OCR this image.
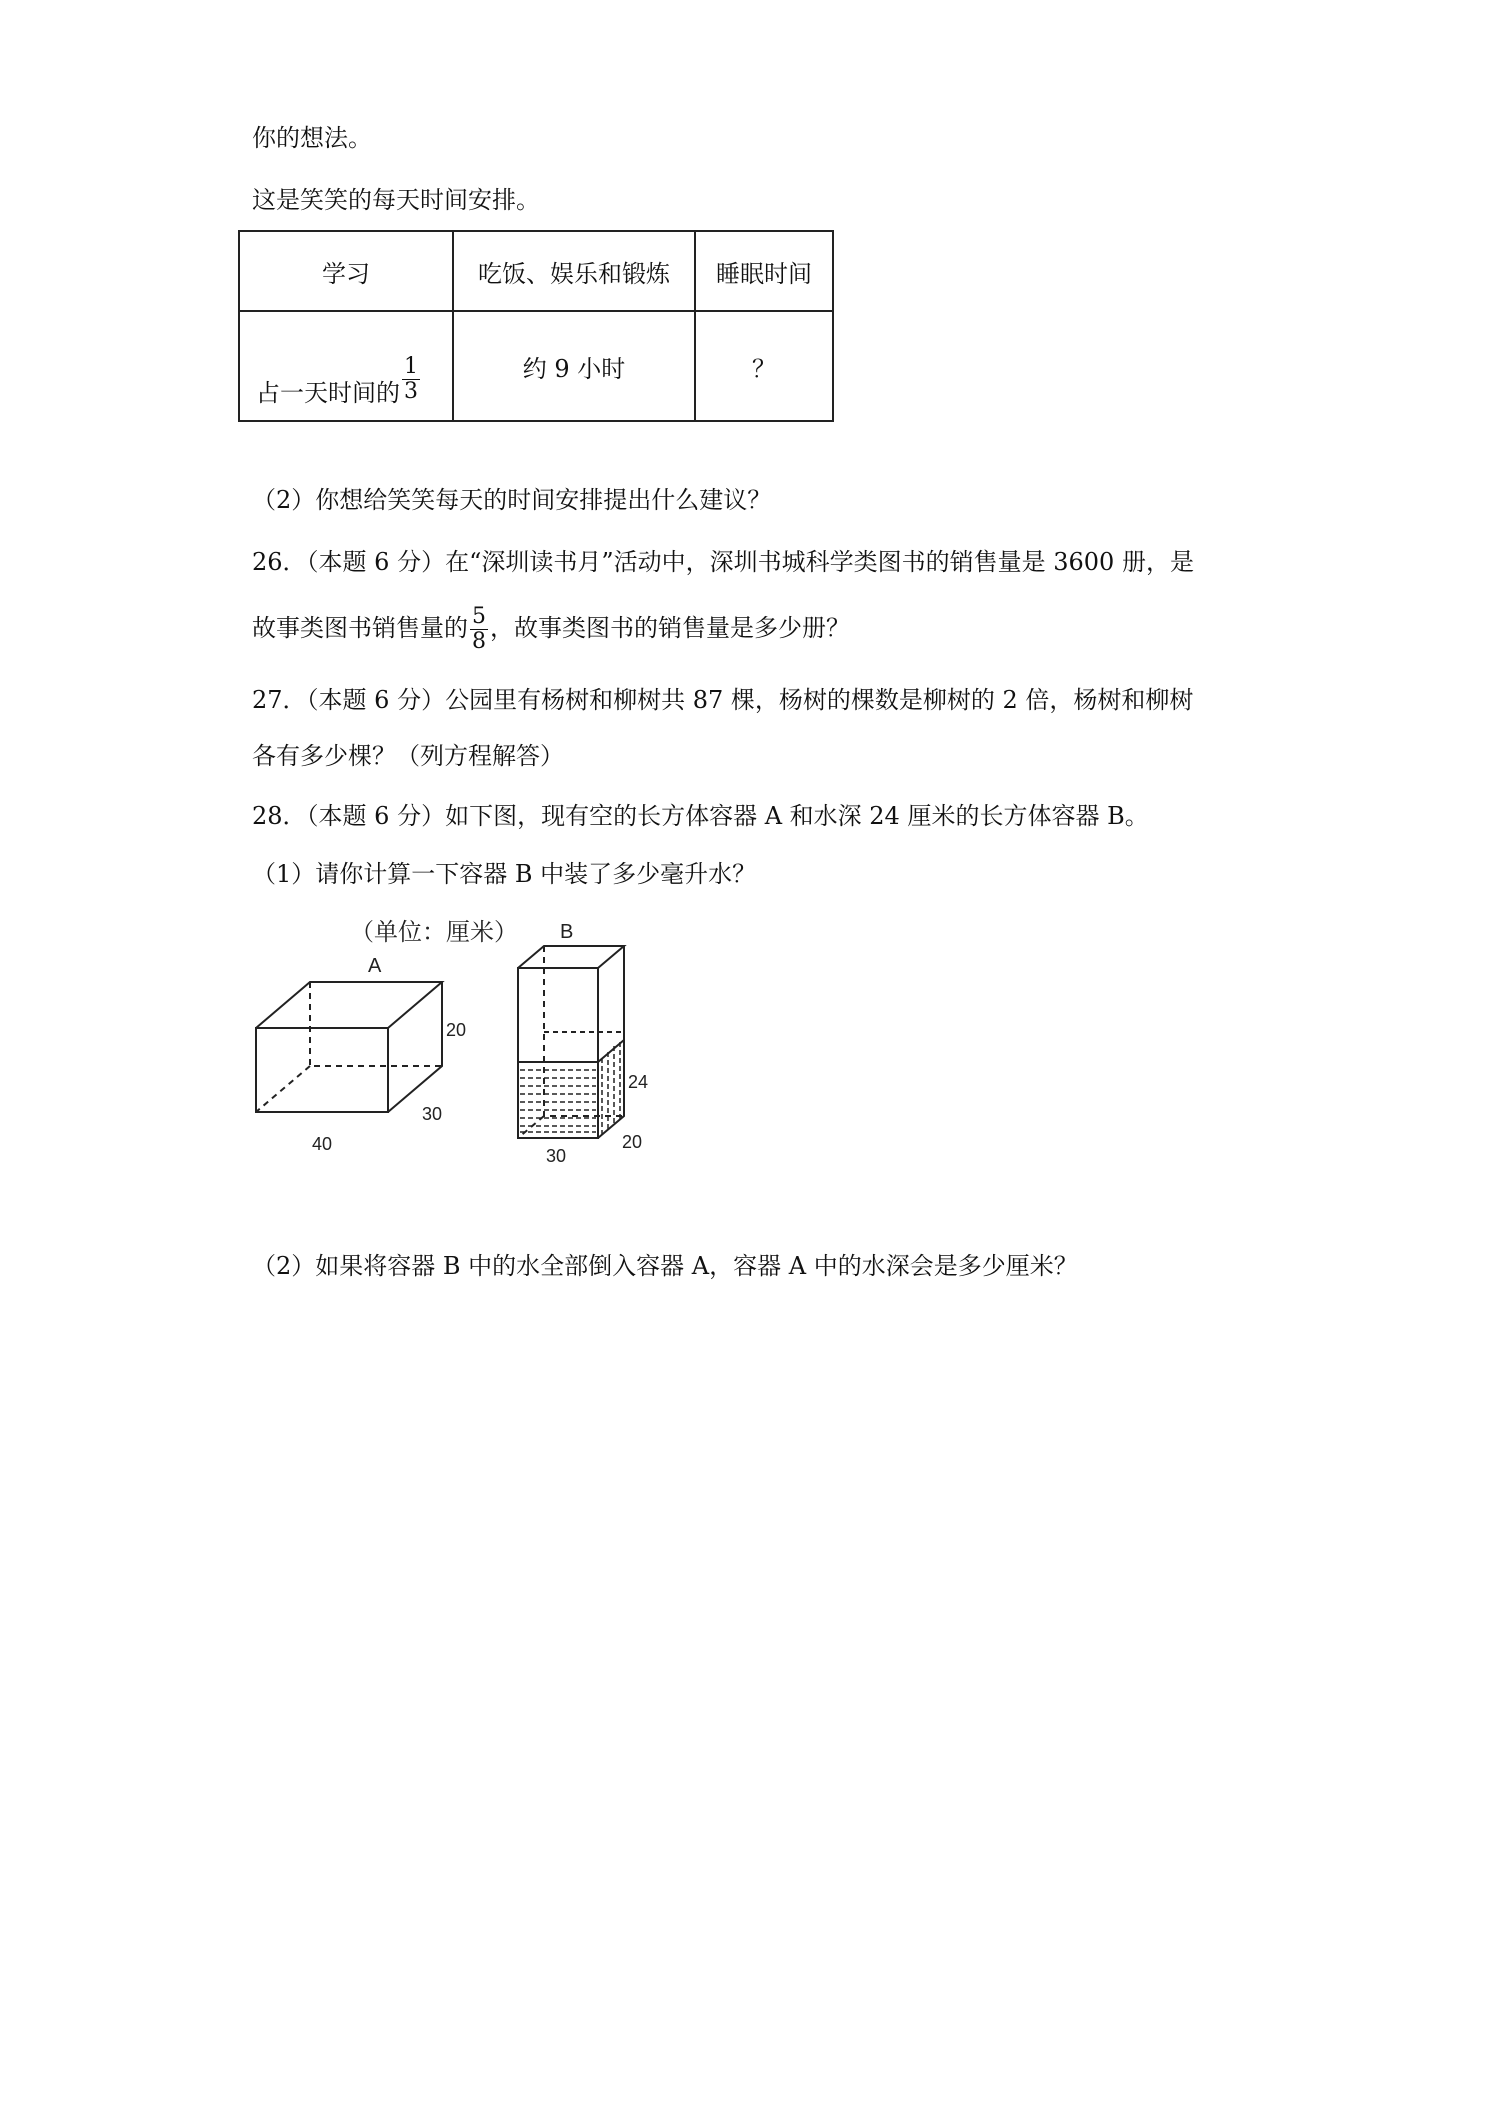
你的想法。
这是笑笑的每天时间安排。
学习	吃饭、娱乐和锻炼	睡眠时间

占一天时间的 $\frac{1}{3}$	约 9 小时	？
（2）你想给笑笑每天的时间安排提出什么建议？
26．（本题 6 分）在“深圳读书月”活动中，深圳书城科学类图书的销售量是 3600 册，是
故事类图书销售量的 $\frac{5}{8}$ ，故事类图书的销售量是多少册？
27．（本题 6 分）公园里有杨树和柳树共 87 棵，杨树的棵数是柳树的 2 倍，杨树和柳树
各有多少棵？（列方程解答）
28．（本题 6 分）如下图，现有空的长方体容器 A 和水深 24 厘米的长方体容器 B。
（1）请你计算一下容器 B 中装了多少毫升水？
（单位：厘米）
A
20
30
40
B
24
20
30
（2）如果将容器 B 中的水全部倒入容器 A，容器 A 中的水深会是多少厘米？
